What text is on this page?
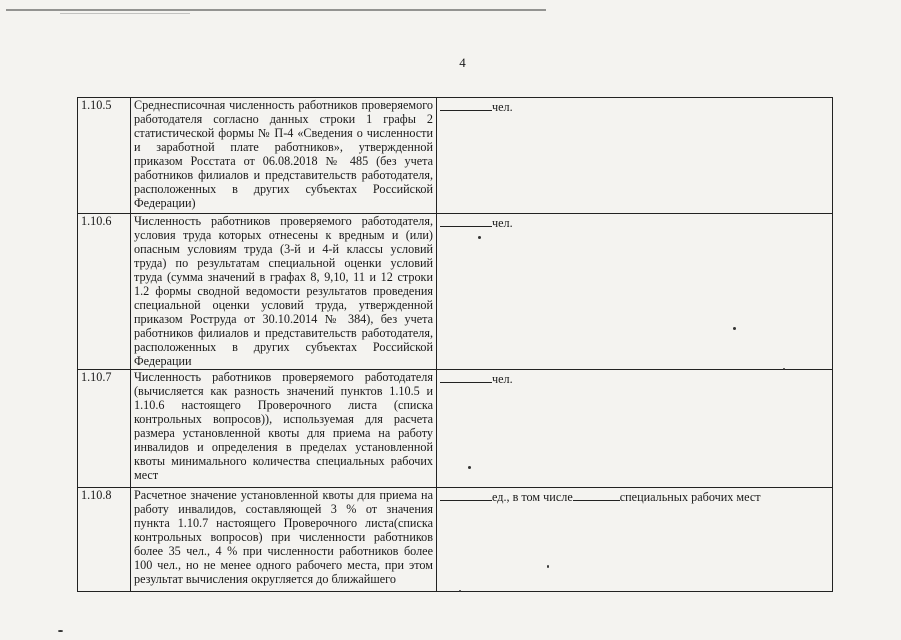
4
1.10.5	Среднесписочная численность работников проверяемого работодателя согласно данных строки 1 графы 2 статистической формы № П-4 «Сведения о численности и заработной плате работников», утвержденной приказом Росстата от 06.08.2018 № 485 (без учета работников филиалов и представительств работодателя, расположенных в других субъектах Российской Федерации)	чел.
1.10.6	Численность работников проверяемого работодателя, условия труда которых отнесены к вредным и (или) опасным условиям труда (3-й и 4-й классы условий труда) по результатам специальной оценки условий труда (сумма значений в графах 8, 9,10, 11 и 12 строки 1.2 формы сводной ведомости результатов проведения специальной оценки условий труда, утвержденной приказом Роструда от 30.10.2014 № 384), без учета работников филиалов и представительств работодателя, расположенных в других субъектах Российской Федерации	чел.
1.10.7	Численность работников проверяемого работодателя (вычисляется как разность значений пунктов 1.10.5 и 1.10.6 настоящего Проверочного листа (списка контрольных вопросов)), используемая для расчета размера установленной квоты для приема на работу инвалидов и определения в пределах установленной квоты минимального количества специальных рабочих мест	чел.
1.10.8	Расчетное значение установленной квоты для приема на работу инвалидов, составляющей 3 % от значения пункта 1.10.7 настоящего Проверочного листа(списка контрольных вопросов) при численности работников более 35 чел., 4 % при численности работников более 100 чел., но не менее одного рабочего места, при этом результат вычисления округляется до ближайшего	ед., в том числе специальных рабочих мест
